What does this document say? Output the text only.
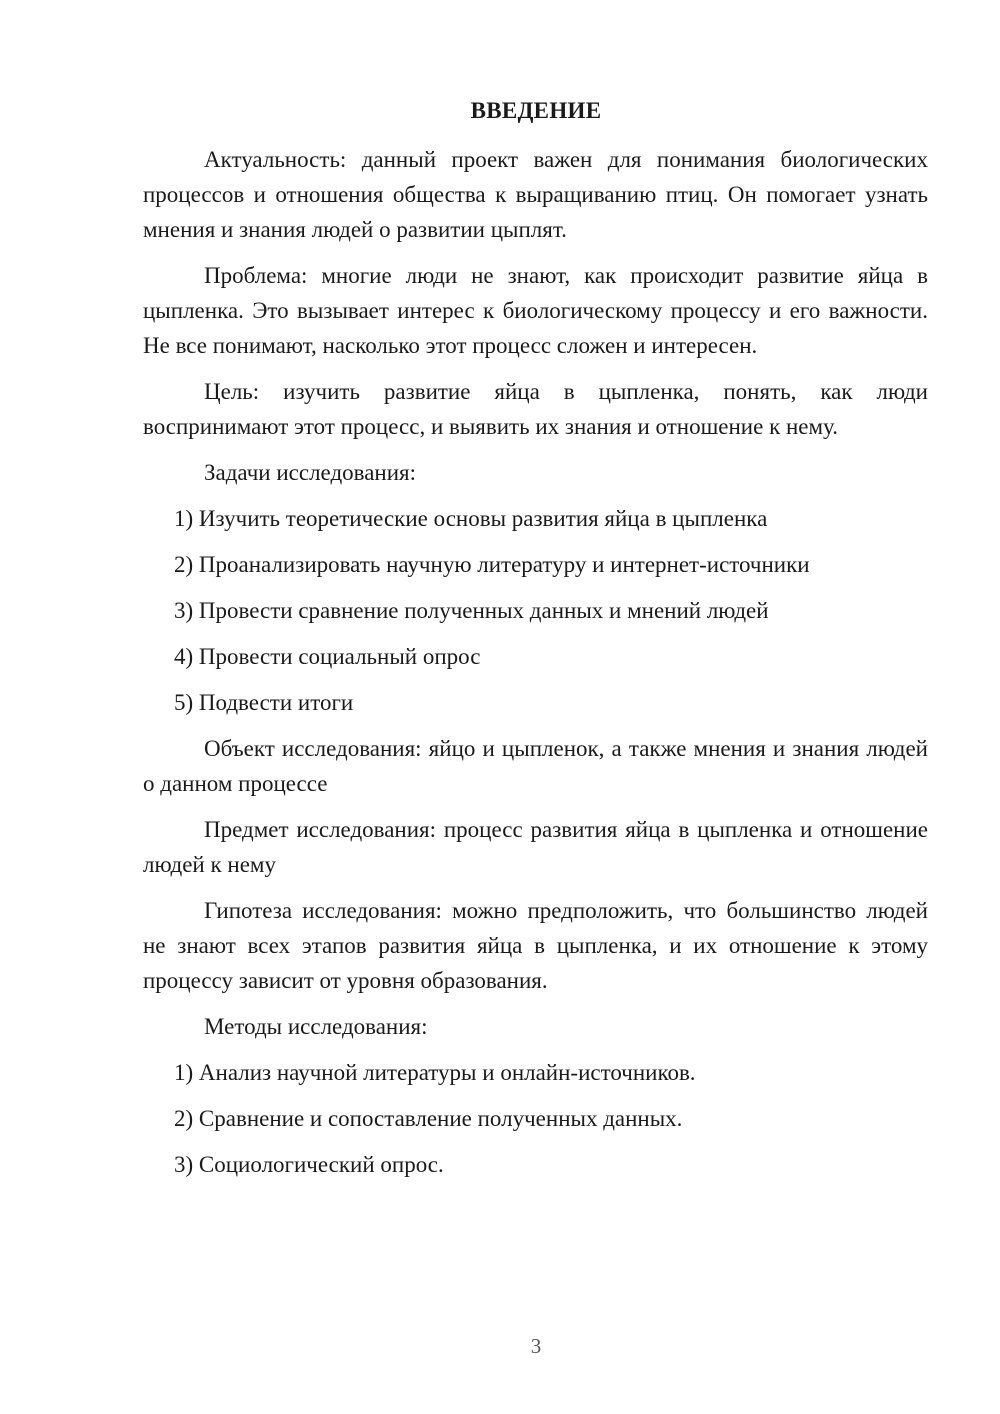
ВВЕДЕНИЕ

Актуальность: данный проект важен для понимания биологических процессов и отношения общества к выращиванию птиц. Он помогает узнать мнения и знания людей о развитии цыплят.

Проблема: многие люди не знают, как происходит развитие яйца в цыпленка. Это вызывает интерес к биологическому процессу и его важности. Не все понимают, насколько этот процесс сложен и интересен.

Цель: изучить развитие яйца в цыпленка, понять, как люди воспринимают этот процесс, и выявить их знания и отношение к нему.

Задачи исследования:

1) Изучить теоретические основы развития яйца в цыпленка
2) Проанализировать научную литературу и интернет-источники
3) Провести сравнение полученных данных и мнений людей
4) Провести социальный опрос
5) Подвести итоги

Объект исследования: яйцо и цыпленок, а также мнения и знания людей о данном процессе

Предмет исследования: процесс развития яйца в цыпленка и отношение людей к нему

Гипотеза исследования: можно предположить, что большинство людей не знают всех этапов развития яйца в цыпленка, и их отношение к этому процессу зависит от уровня образования.

Методы исследования:

1) Анализ научной литературы и онлайн-источников.
2) Сравнение и сопоставление полученных данных.
3) Социологический опрос.
3
